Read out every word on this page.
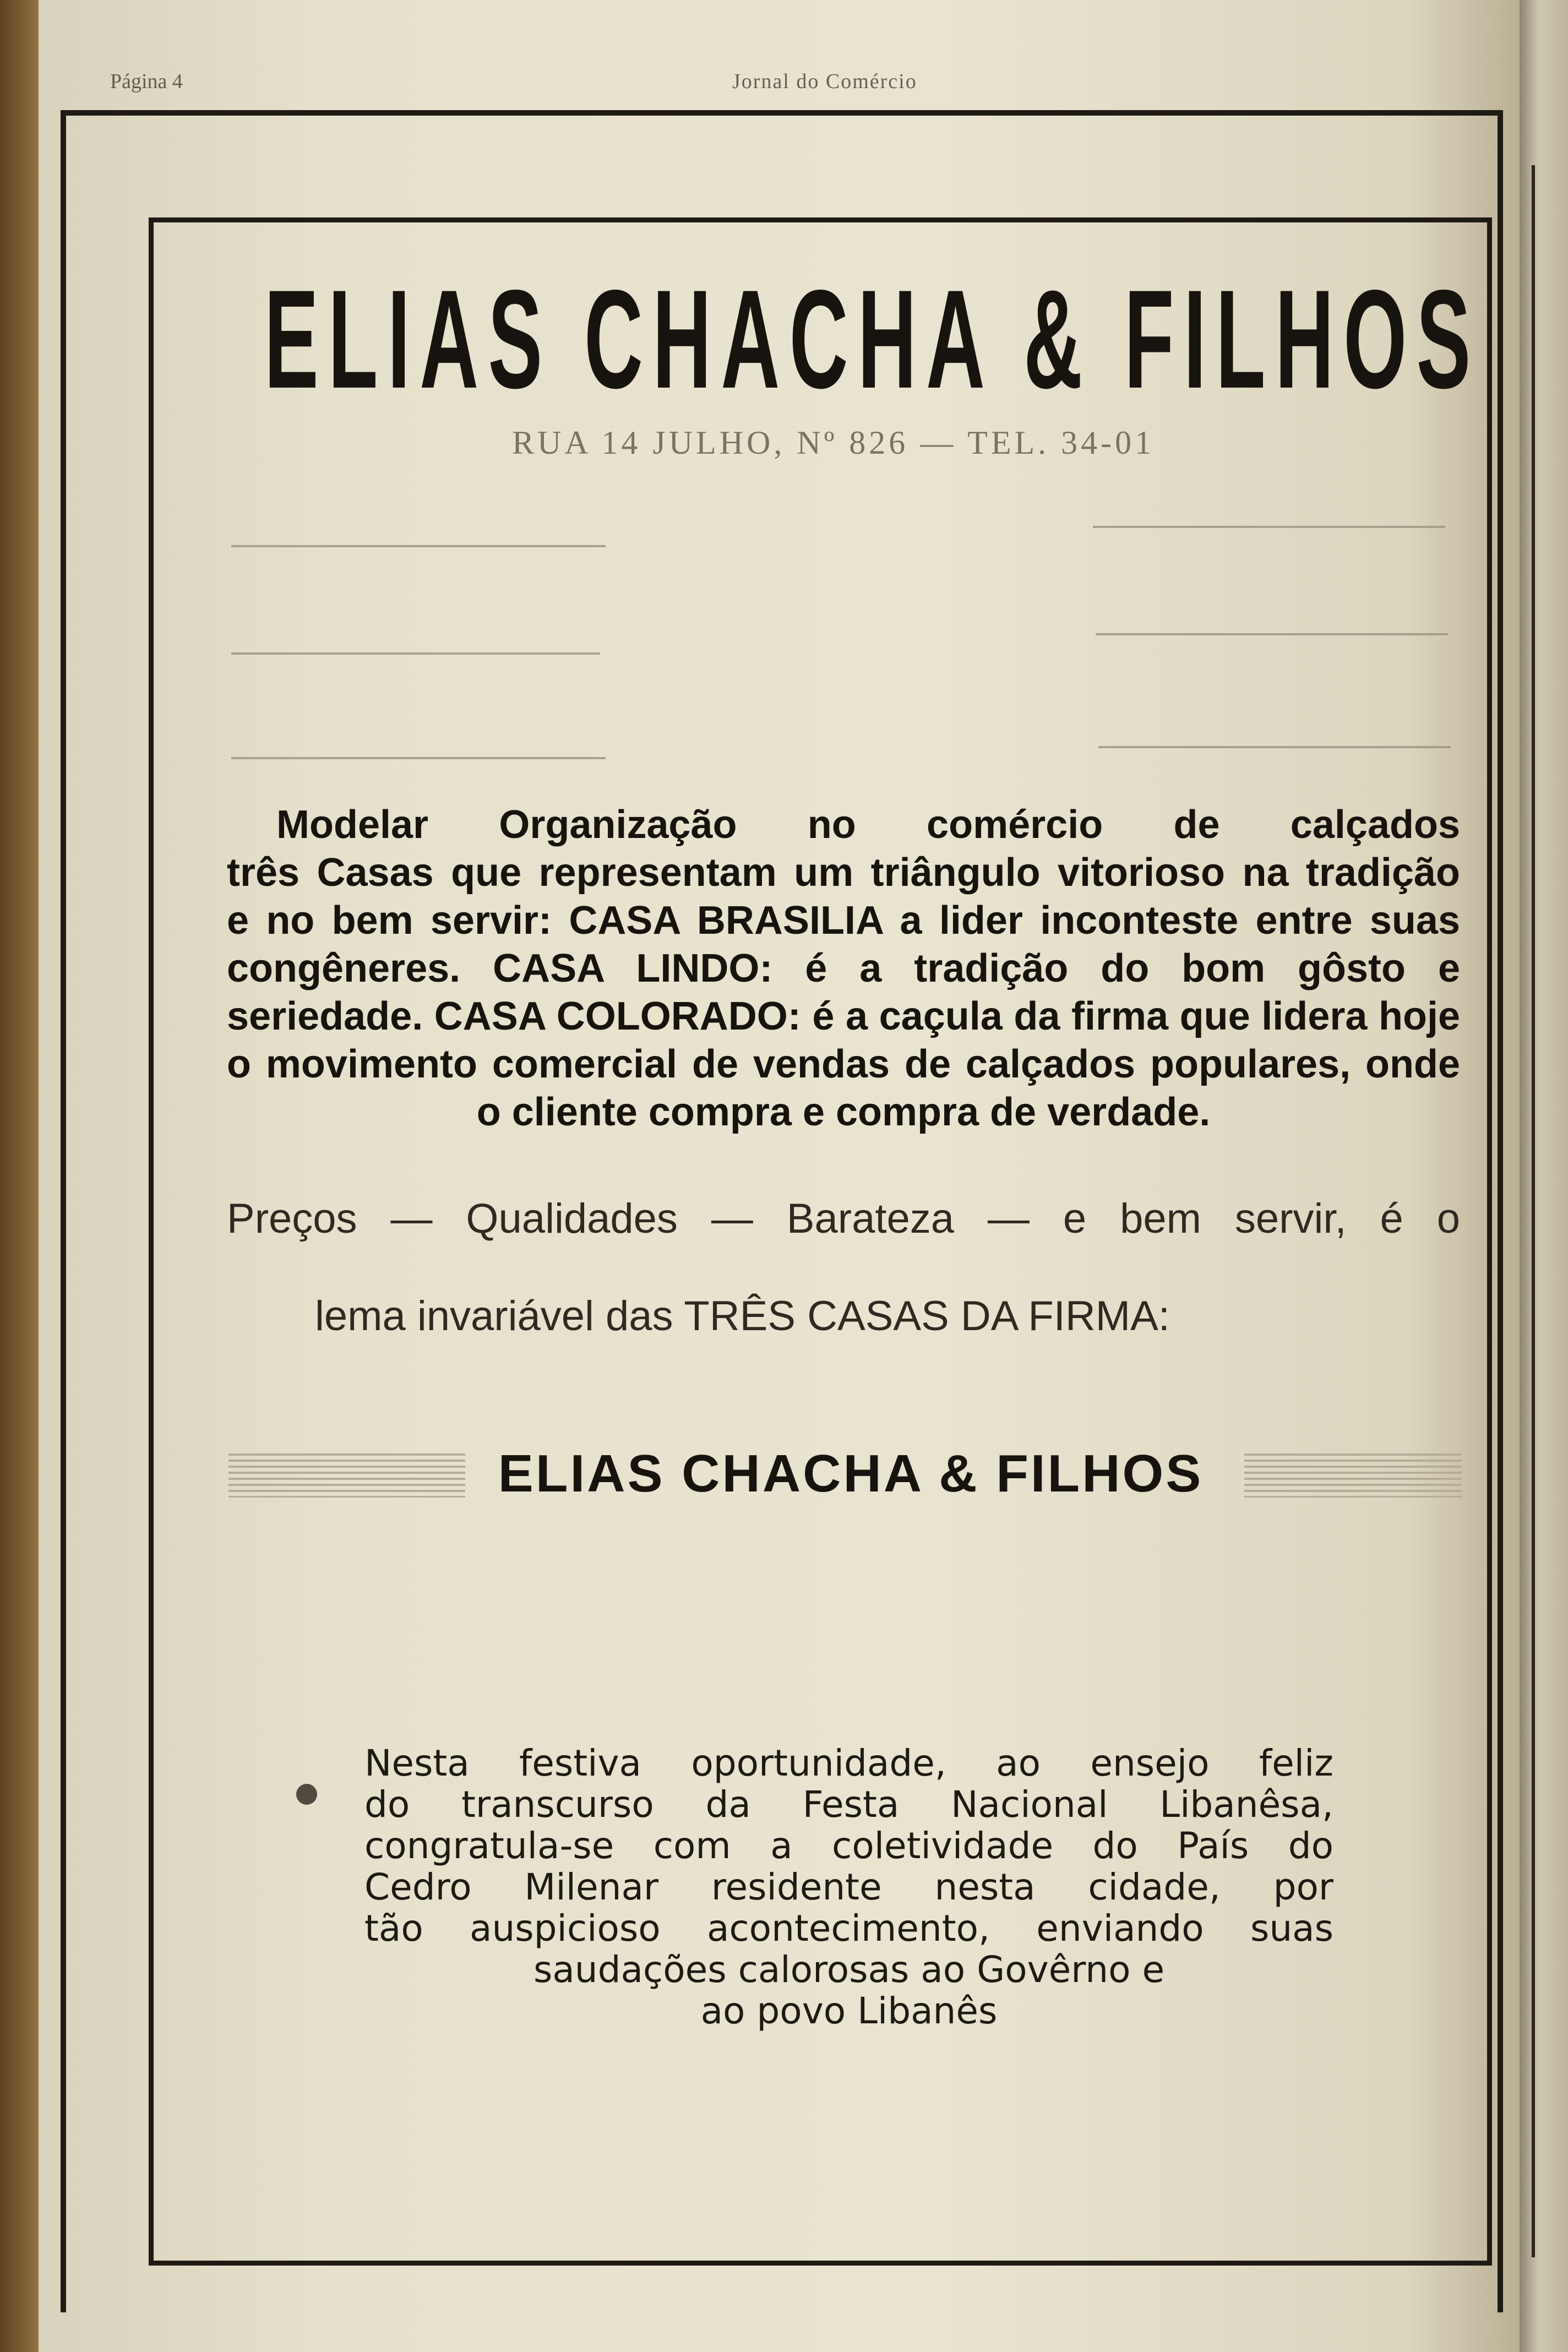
Página 4	Jornal do Comércio
ELIAS CHACHA & FILHOS
RUA 14 JULHO, Nº 826 — TEL. 34-01

Modelar Organização no comércio de calçados

três Casas que representam um triângulo vitorioso na tradição

e no bem servir: CASA BRASILIA a lider inconteste entre suas

congêneres. CASA LINDO: é a tradição do bom gôsto e

seriedade. CASA COLORADO: é a caçula da firma que lidera hoje

o movimento comercial de vendas de calçados populares, onde

o cliente compra e compra de verdade.

Preços — Qualidades — Barateza — e bem servir, é o
lema invariável das TRÊS CASAS DA FIRMA:
ELIAS CHACHA & FILHOS

Nesta festiva oportunidade, ao ensejo feliz

do transcurso da Festa Nacional Libanêsa,

congratula-se com a coletividade do País do

Cedro Milenar residente nesta cidade, por

tão auspicioso acontecimento, enviando suas

saudações calorosas ao Govêrno e

ao povo Libanês
